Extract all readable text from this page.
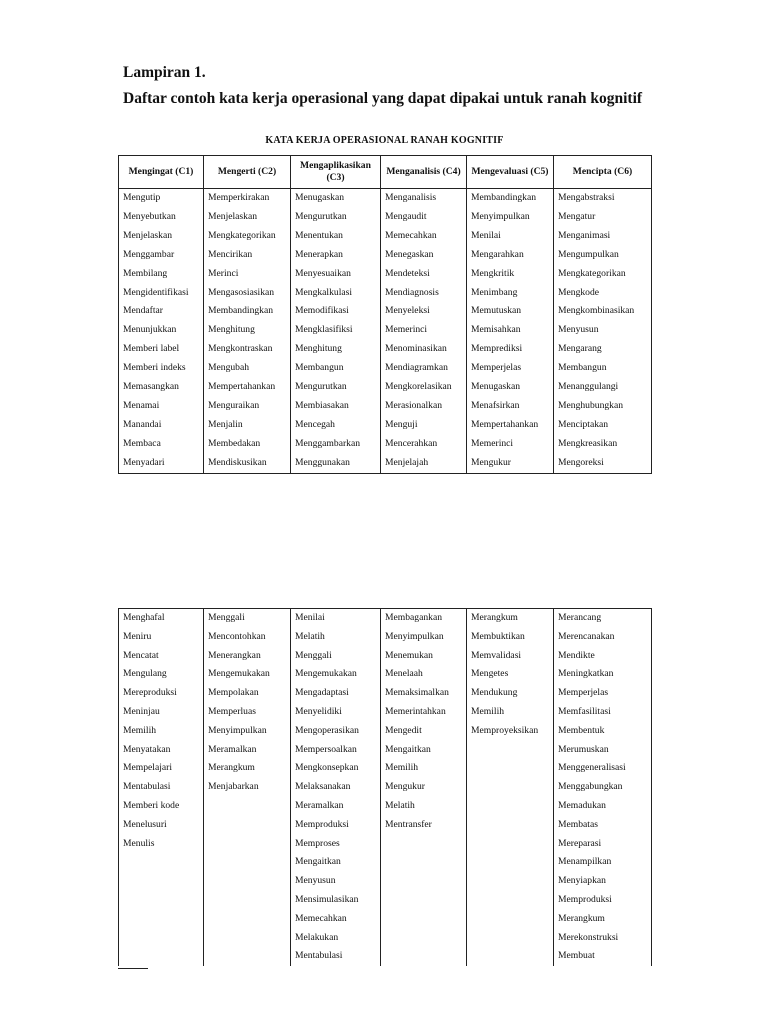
Lampiran 1.
Daftar contoh kata kerja operasional yang dapat dipakai untuk ranah kognitif
KATA KERJA OPERASIONAL RANAH KOGNITIF
Mengingat (C1)	Mengerti (C2)	Mengaplikasikan (C3)	Menganalisis (C4)	Mengevaluasi (C5)	Mencipta (C6)
Mengutip	Memperkirakan	Menugaskan	Menganalisis	Membandingkan	Mengabstraksi
Menyebutkan	Menjelaskan	Mengurutkan	Mengaudit	Menyimpulkan	Mengatur
Menjelaskan	Mengkategorikan	Menentukan	Memecahkan	Menilai	Menganimasi
Menggambar	Mencirikan	Menerapkan	Menegaskan	Mengarahkan	Mengumpulkan
Membilang	Merinci	Menyesuaikan	Mendeteksi	Mengkritik	Mengkategorikan
Mengidentifikasi	Mengasosiasikan	Mengkalkulasi	Mendiagnosis	Menimbang	Mengkode
Mendaftar	Membandingkan	Memodifikasi	Menyeleksi	Memutuskan	Mengkombinasikan
Menunjukkan	Menghitung	Mengklasifiksi	Memerinci	Memisahkan	Menyusun
Memberi label	Mengkontraskan	Menghitung	Menominasikan	Memprediksi	Mengarang
Memberi indeks	Mengubah	Membangun	Mendiagramkan	Memperjelas	Membangun
Memasangkan	Mempertahankan	Mengurutkan	Mengkorelasikan	Menugaskan	Menanggulangi
Menamai	Menguraikan	Membiasakan	Merasionalkan	Menafsirkan	Menghubungkan
Manandai	Menjalin	Mencegah	Menguji	Mempertahankan	Menciptakan
Membaca	Membedakan	Menggambarkan	Mencerahkan	Memerinci	Mengkreasikan
Menyadari	Mendiskusikan	Menggunakan	Menjelajah	Mengukur	Mengoreksi
Menghafal	Menggali	Menilai	Membagankan	Merangkum	Merancang
Meniru	Mencontohkan	Melatih	Menyimpulkan	Membuktikan	Merencanakan
Mencatat	Menerangkan	Menggali	Menemukan	Memvalidasi	Mendikte
Mengulang	Mengemukakan	Mengemukakan	Menelaah	Mengetes	Meningkatkan
Mereproduksi	Mempolakan	Mengadaptasi	Memaksimalkan	Mendukung	Memperjelas
Meninjau	Memperluas	Menyelidiki	Memerintahkan	Memilih	Memfasilitasi
Memilih	Menyimpulkan	Mengoperasikan	Mengedit	Memproyeksikan	Membentuk
Menyatakan	Meramalkan	Mempersoalkan	Mengaitkan		Merumuskan
Mempelajari	Merangkum	Mengkonsepkan	Memilih		Menggeneralisasi
Mentabulasi	Menjabarkan	Melaksanakan	Mengukur		Menggabungkan
Memberi kode		Meramalkan	Melatih		Memadukan
Menelusuri		Memproduksi	Mentransfer		Membatas
Menulis		Memproses			Mereparasi
		Mengaitkan			Menampilkan
		Menyusun			Menyiapkan
		Mensimulasikan			Memproduksi
		Memecahkan			Merangkum
		Melakukan			Merekonstruksi
		Mentabulasi			Membuat
